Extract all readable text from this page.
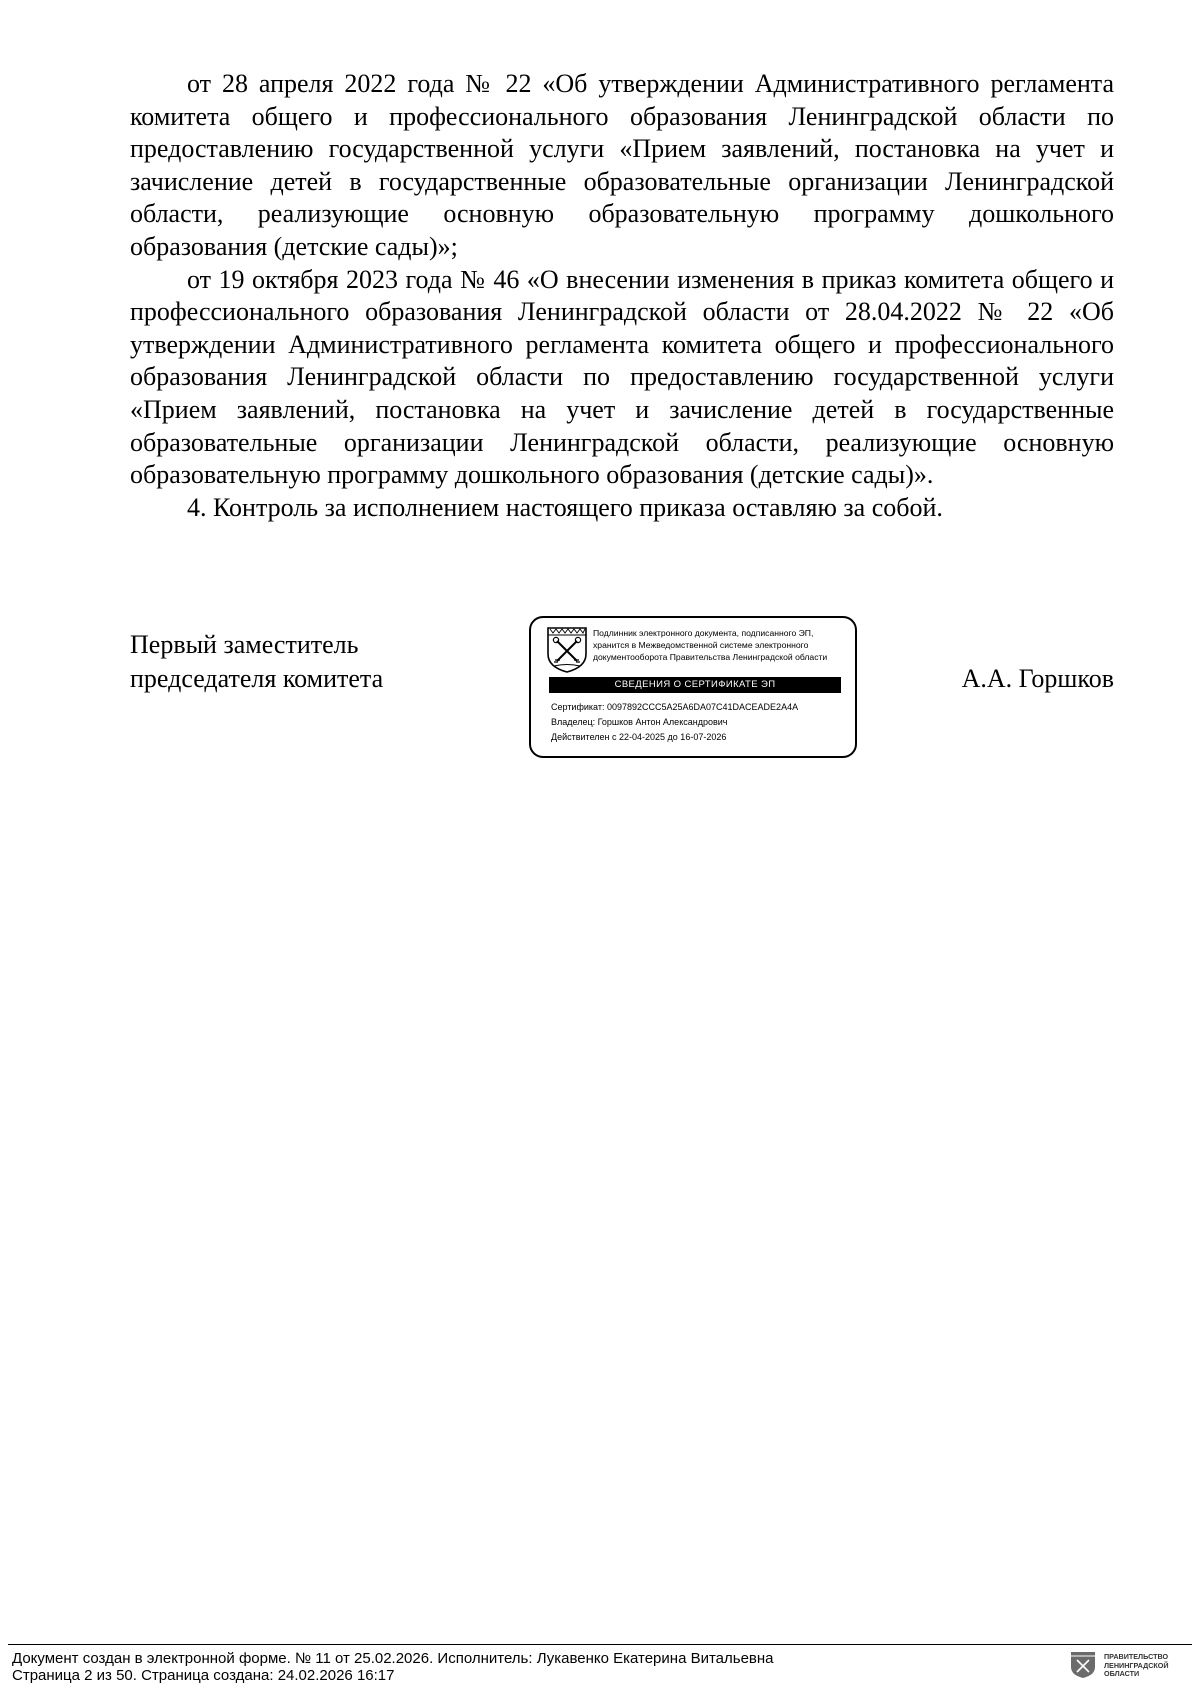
от 28 апреля 2022 года № 22 «Об утверждении Административного регламента комитета общего и профессионального образования Ленинградской области по предоставлению государственной услуги «Прием заявлений, постановка на учет и зачисление детей в государственные образовательные организации Ленинградской области, реализующие основную образовательную программу дошкольного образования (детские сады)»;

от 19 октября 2023 года № 46 «О внесении изменения в приказ комитета общего и профессионального образования Ленинградской области от 28.04.2022 № 22 «Об утверждении Административного регламента комитета общего и профессионального образования Ленинградской области по предоставлению государственной услуги «Прием заявлений, постановка на учет и зачисление детей в государственные образовательные организации Ленинградской области, реализующие основную образовательную программу дошкольного образования (детские сады)».

4. Контроль за исполнением настоящего приказа оставляю за собой.

Первый заместитель
председателя комитета
Подлинник электронного документа, подписанного ЭП,
хранится в Межведомственной системе электронного
документооборота Правительства Ленинградской области
СВЕДЕНИЯ О СЕРТИФИКАТЕ ЭП
Сертификат: 0097892CCC5A25A6DA07C41DACEADE2A4A
Владелец: Горшков Антон Александрович
Действителен с 22-04-2025 до 16-07-2026
А.А. Горшков
Документ создан в электронной форме. № 11 от 25.02.2026. Исполнитель: Лукавенко Екатерина Витальевна
Страница 2 из 50. Страница создана: 24.02.2026 16:17
ПРАВИТЕЛЬСТВО
ЛЕНИНГРАДСКОЙ
ОБЛАСТИ
